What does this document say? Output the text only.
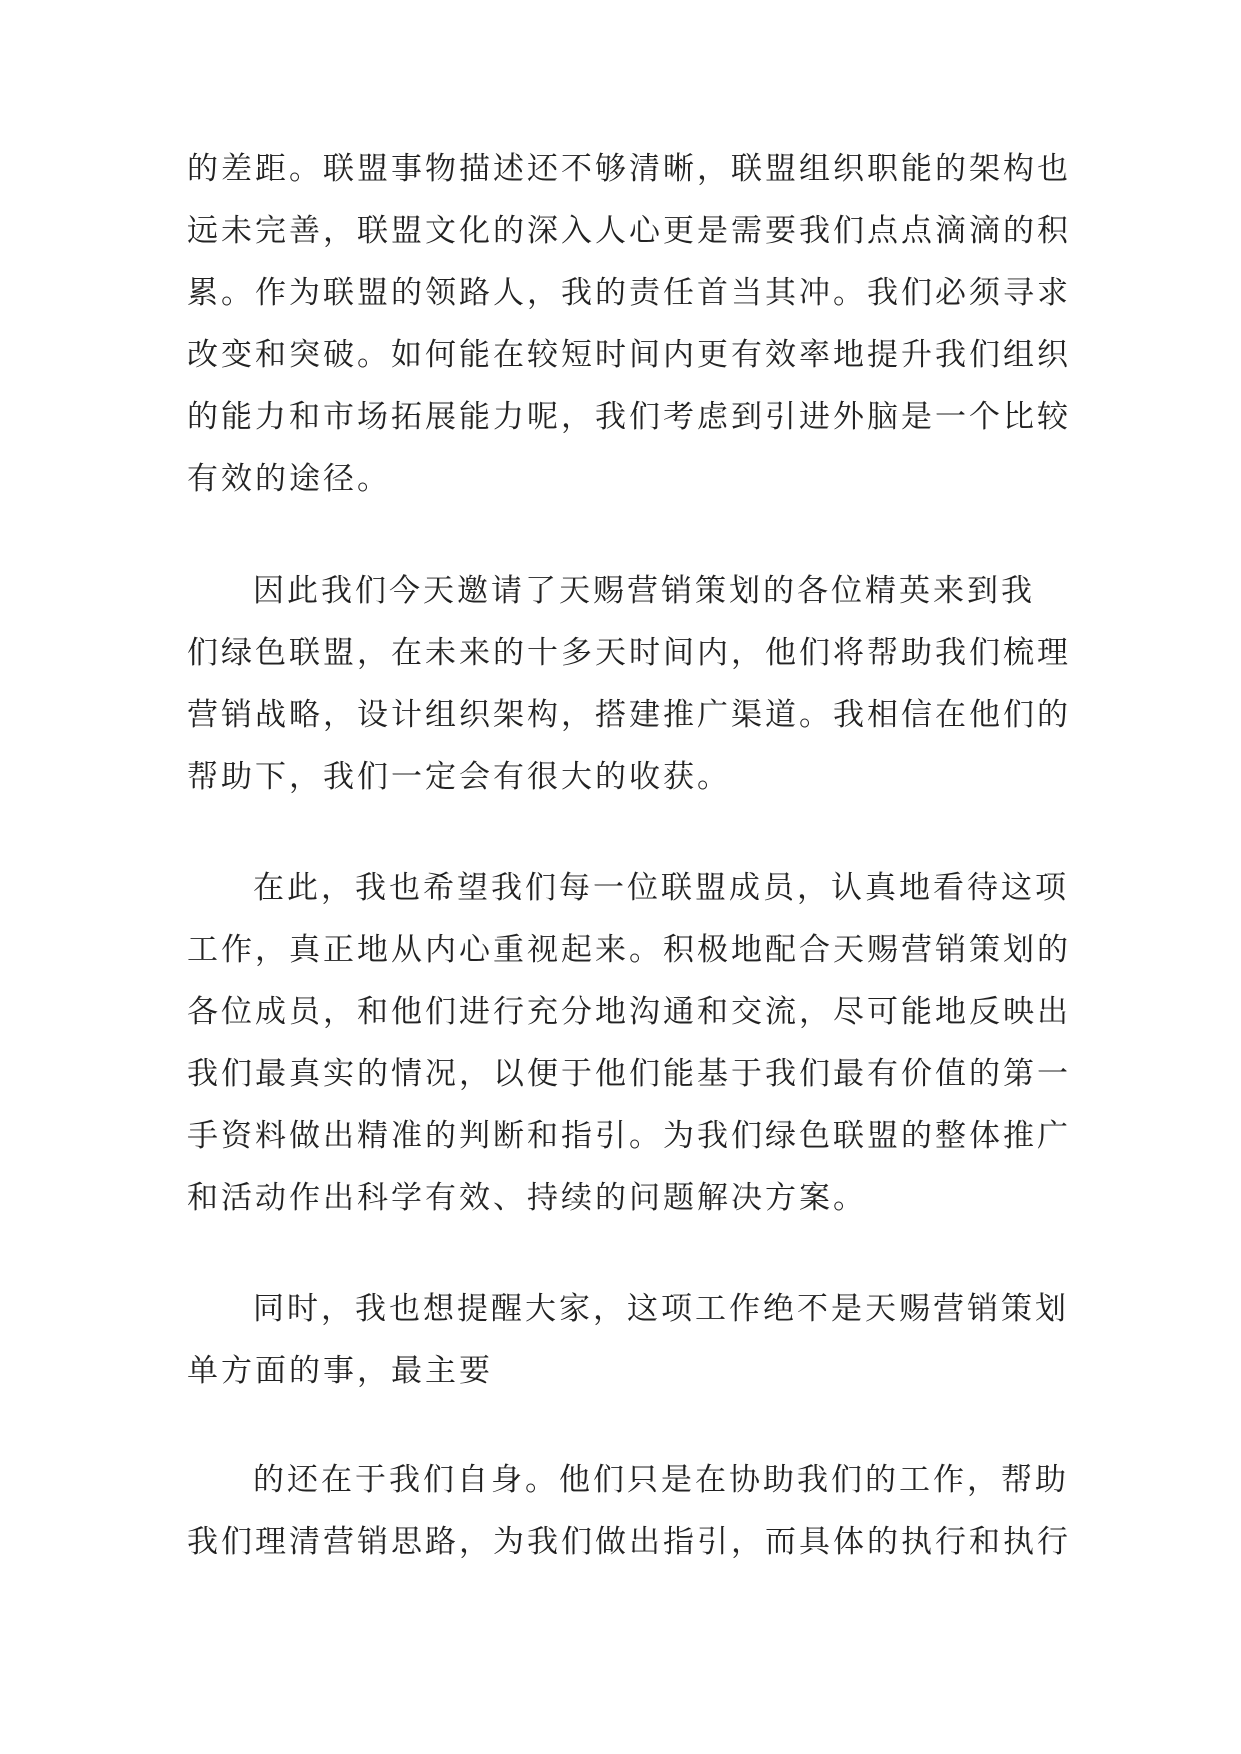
的差距。联盟事物描述还不够清晰，联盟组织职能的架构也
远未完善，联盟文化的深入人心更是需要我们点点滴滴的积
累。作为联盟的领路人，我的责任首当其冲。我们必须寻求
改变和突破。如何能在较短时间内更有效率地提升我们组织
的能力和市场拓展能力呢，我们考虑到引进外脑是一个比较
有效的途径。
因此我们今天邀请了天赐营销策划的各位精英来到我
们绿色联盟，在未来的十多天时间内，他们将帮助我们梳理
营销战略，设计组织架构，搭建推广渠道。我相信在他们的
帮助下，我们一定会有很大的收获。
在此，我也希望我们每一位联盟成员，认真地看待这项
工作，真正地从内心重视起来。积极地配合天赐营销策划的
各位成员，和他们进行充分地沟通和交流，尽可能地反映出
我们最真实的情况，以便于他们能基于我们最有价值的第一
手资料做出精准的判断和指引。为我们绿色联盟的整体推广
和活动作出科学有效、持续的问题解决方案。
同时，我也想提醒大家，这项工作绝不是天赐营销策划
单方面的事，最主要
的还在于我们自身。他们只是在协助我们的工作，帮助
我们理清营销思路，为我们做出指引，而具体的执行和执行
